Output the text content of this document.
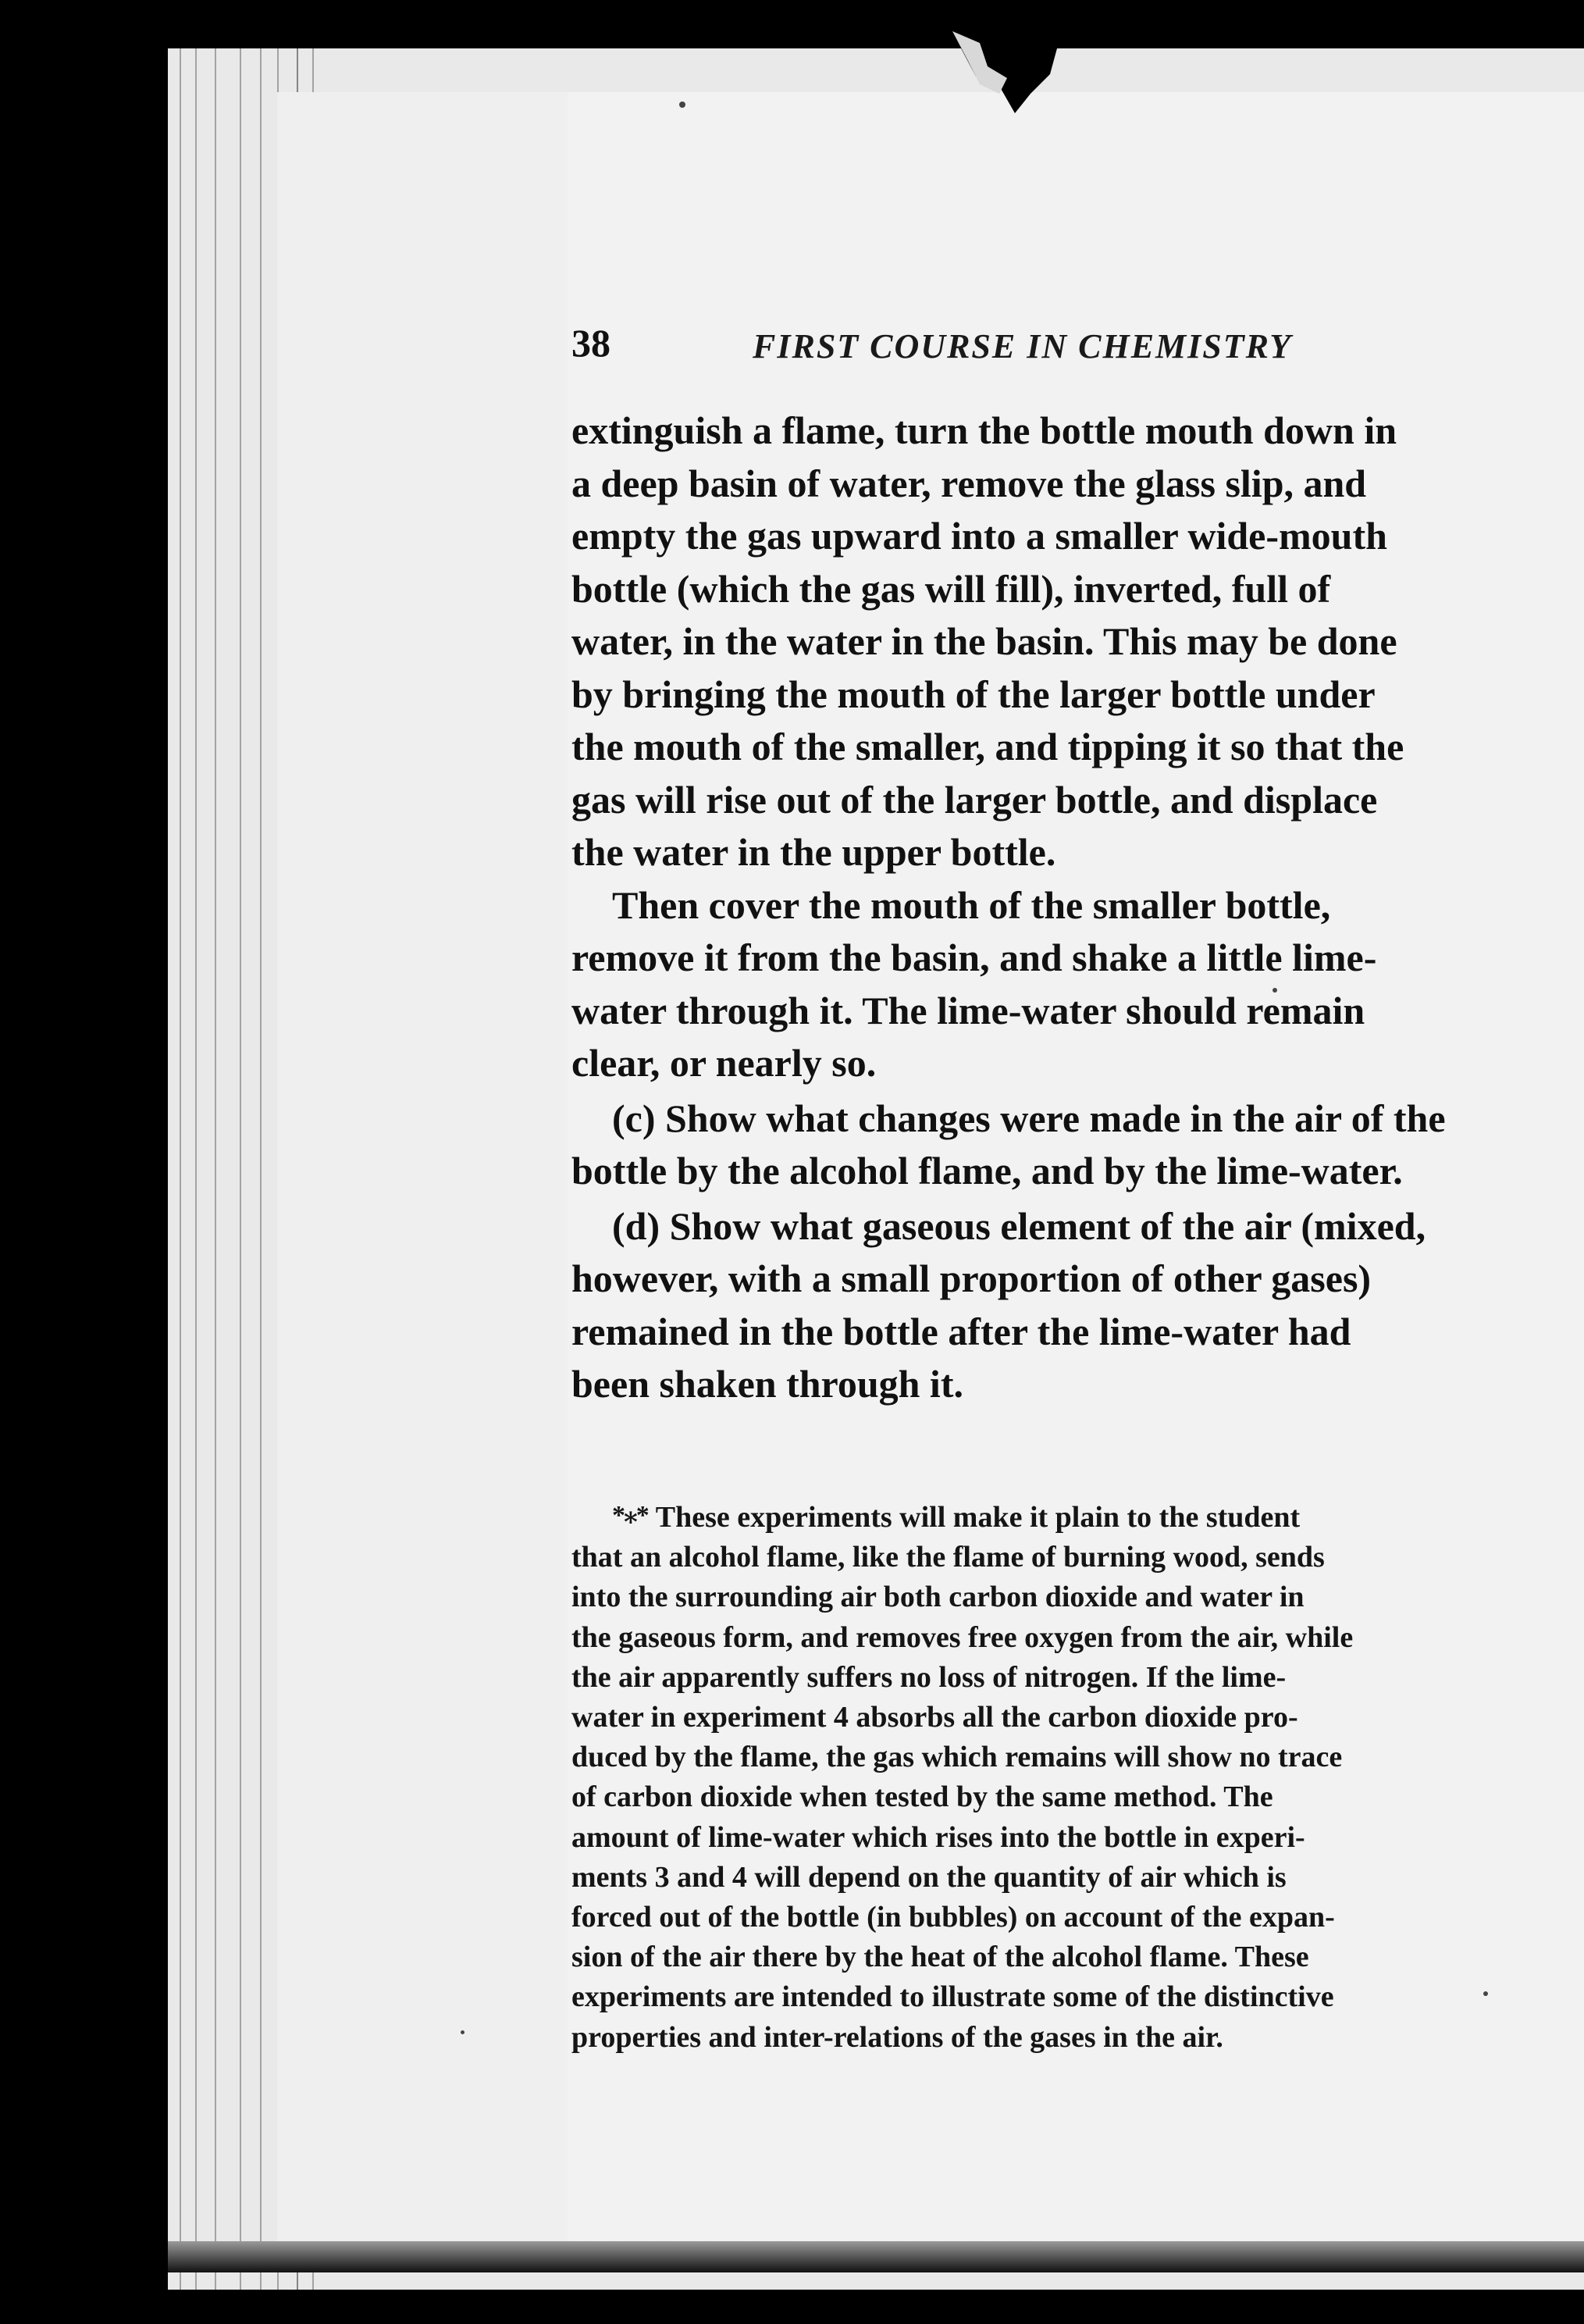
38	FIRST COURSE IN CHEMISTRY
extinguish a flame, turn the bottle mouth down in
a deep basin of water, remove the glass slip, and
empty the gas upward into a smaller wide-mouth
bottle (which the gas will fill), inverted, full of
water, in the water in the basin. This may be done
by bringing the mouth of the larger bottle under
the mouth of the smaller, and tipping it so that the
gas will rise out of the larger bottle, and displace
the water in the upper bottle.
Then cover the mouth of the smaller bottle,
remove it from the basin, and shake a little lime-
water through it. The lime-water should remain
clear, or nearly so.
(c) Show what changes were made in the air of the
bottle by the alcohol flame, and by the lime-water.
(d) Show what gaseous element of the air (mixed,
however, with a small proportion of other gases)
remained in the bottle after the lime-water had
been shaken through it.
*⁎* These experiments will make it plain to the student
that an alcohol flame, like the flame of burning wood, sends
into the surrounding air both carbon dioxide and water in
the gaseous form, and removes free oxygen from the air, while
the air apparently suffers no loss of nitrogen. If the lime-
water in experiment 4 absorbs all the carbon dioxide pro-
duced by the flame, the gas which remains will show no trace
of carbon dioxide when tested by the same method. The
amount of lime-water which rises into the bottle in experi-
ments 3 and 4 will depend on the quantity of air which is
forced out of the bottle (in bubbles) on account of the expan-
sion of the air there by the heat of the alcohol flame. These
experiments are intended to illustrate some of the distinctive
properties and inter-relations of the gases in the air.
